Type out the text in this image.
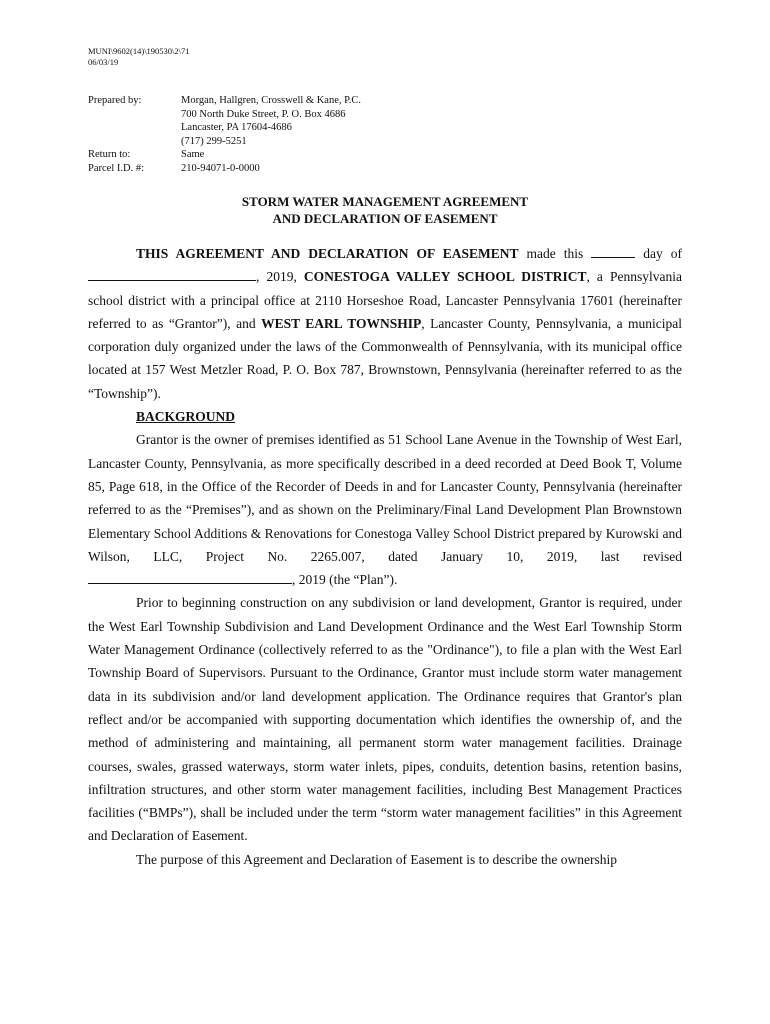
MUNI\9602(14)\190530\2\71
06/03/19
Prepared by:	Morgan, Hallgren, Crosswell & Kane, P.C.
700 North Duke Street, P. O. Box 4686
Lancaster, PA 17604-4686
(717) 299-5251
Return to:	Same
Parcel I.D. #:	210-94071-0-0000
STORM WATER MANAGEMENT AGREEMENT
AND DECLARATION OF EASEMENT

THIS AGREEMENT AND DECLARATION OF EASEMENT made this	day of , 2019, CONESTOGA VALLEY SCHOOL DISTRICT, a Pennsylvania school district with a principal office at 2110 Horseshoe Road, Lancaster Pennsylvania 17601 (hereinafter referred to as “Grantor”), and WEST EARL TOWNSHIP, Lancaster County, Pennsylvania, a municipal corporation duly organized under the laws of the Commonwealth of Pennsylvania, with its municipal office located at 157 West Metzler Road, P. O. Box 787, Brownstown, Pennsylvania (hereinafter referred to as the “Township”).

BACKGROUND

Grantor is the owner of premises identified as 51 School Lane Avenue in the Township of West Earl, Lancaster County, Pennsylvania, as more specifically described in a deed recorded at Deed Book T, Volume 85, Page 618, in the Office of the Recorder of Deeds in and for Lancaster County, Pennsylvania (hereinafter referred to as the “Premises”), and as shown on the Preliminary/Final Land Development Plan Brownstown Elementary School Additions & Renovations for Conestoga Valley School District prepared by Kurowski and Wilson, LLC, Project No. 2265.007, dated January 10, 2019, last revised , 2019 (the “Plan”).

Prior to beginning construction on any subdivision or land development, Grantor is required, under the West Earl Township Subdivision and Land Development Ordinance and the West Earl Township Storm Water Management Ordinance (collectively referred to as the "Ordinance"), to file a plan with the West Earl Township Board of Supervisors. Pursuant to the Ordinance, Grantor must include storm water management data in its subdivision and/or land development application. The Ordinance requires that Grantor's plan reflect and/or be accompanied with supporting documentation which identifies the ownership of, and the method of administering and maintaining, all permanent storm water management facilities. Drainage courses, swales, grassed waterways, storm water inlets, pipes, conduits, detention basins, retention basins, infiltration structures, and other storm water management facilities, including Best Management Practices facilities (“BMPs”), shall be included under the term “storm water management facilities” in this Agreement and Declaration of Easement.

The purpose of this Agreement and Declaration of Easement is to describe the ownership
